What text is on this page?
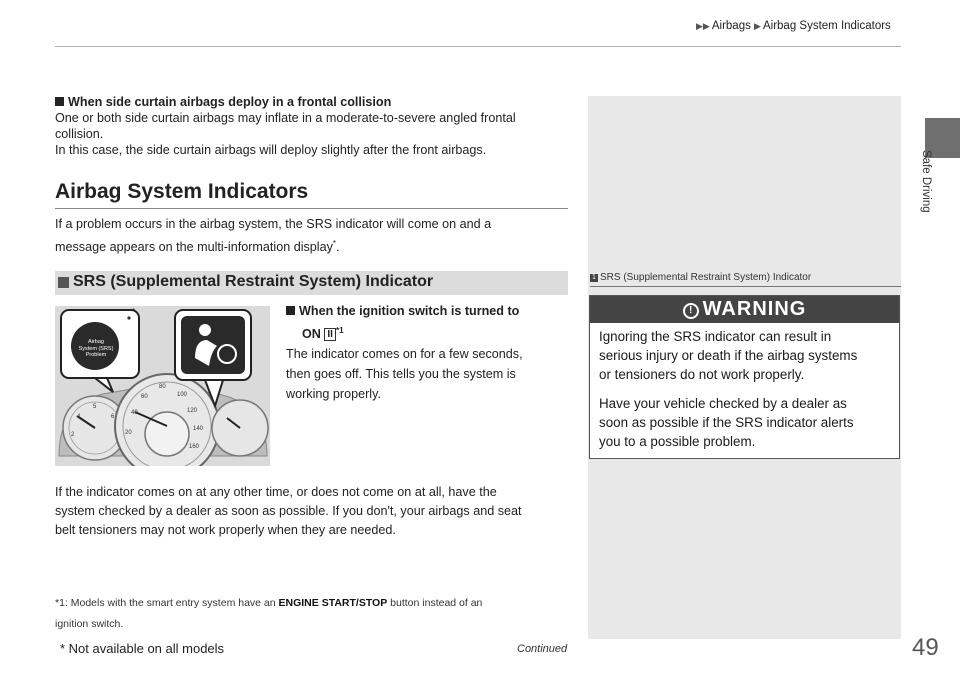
▶▶ Airbags ▶ Airbag System Indicators
Safe Driving
When side curtain airbags deploy in a frontal collision
One or both side curtain airbags may inflate in a moderate-to-severe angled frontal
collision.
In this case, the side curtain airbags will deploy slightly after the front airbags.
Airbag System Indicators
If a problem occurs in the airbag system, the SRS indicator will come on and a
message appears on the multi-information display*.
SRS (Supplemental Restraint System) Indicator
Airbag
System (SRS)
Problem
*
2
4
5
6
20
40
60
80
100
120
140
160
When the ignition switch is turned to
ON II $^{*1}$
The indicator comes on for a few seconds,
then goes off. This tells you the system is
working properly.
If the indicator comes on at any other time, or does not come on at all, have the
system checked by a dealer as soon as possible. If you don't, your airbags and seat
belt tensioners may not work properly when they are needed.
*1: Models with the smart entry system have an ENGINE START/STOP button instead of an
ignition switch.
1 SRS (Supplemental Restraint System) Indicator
! WARNING
Ignoring the SRS indicator can result in
serious injury or death if the airbag systems
or tensioners do not work properly.
Have your vehicle checked by a dealer as
soon as possible if the SRS indicator alerts
you to a possible problem.
* Not available on all models	Continued	49
